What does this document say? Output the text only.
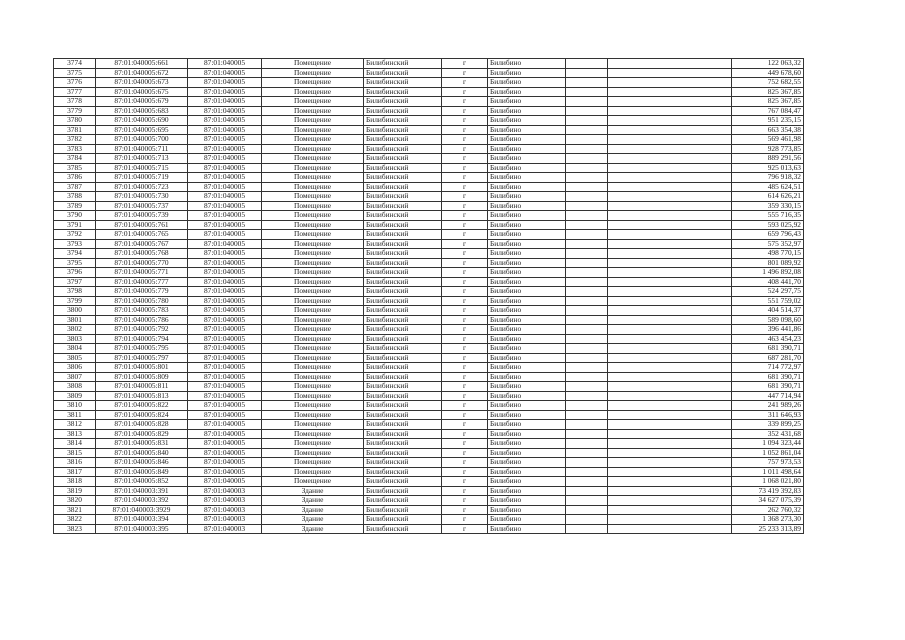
3774	87:01:040005:661	87:01:040005	Помещение	Билибинский	г	Билибино			122 063,32
3775	87:01:040005:672	87:01:040005	Помещение	Билибинский	г	Билибино			449 678,60
3776	87:01:040005:673	87:01:040005	Помещение	Билибинский	г	Билибино			752 682,55
3777	87:01:040005:675	87:01:040005	Помещение	Билибинский	г	Билибино			825 367,85
3778	87:01:040005:679	87:01:040005	Помещение	Билибинский	г	Билибино			825 367,85
3779	87:01:040005:683	87:01:040005	Помещение	Билибинский	г	Билибино			767 084,47
3780	87:01:040005:690	87:01:040005	Помещение	Билибинский	г	Билибино			951 235,15
3781	87:01:040005:695	87:01:040005	Помещение	Билибинский	г	Билибино			663 354,38
3782	87:01:040005:700	87:01:040005	Помещение	Билибинский	г	Билибино			569 461,98
3783	87:01:040005:711	87:01:040005	Помещение	Билибинский	г	Билибино			928 773,85
3784	87:01:040005:713	87:01:040005	Помещение	Билибинский	г	Билибино			889 291,56
3785	87:01:040005:715	87:01:040005	Помещение	Билибинский	г	Билибино			925 013,63
3786	87:01:040005:719	87:01:040005	Помещение	Билибинский	г	Билибино			796 918,32
3787	87:01:040005:723	87:01:040005	Помещение	Билибинский	г	Билибино			485 624,51
3788	87:01:040005:730	87:01:040005	Помещение	Билибинский	г	Билибино			614 626,21
3789	87:01:040005:737	87:01:040005	Помещение	Билибинский	г	Билибино			359 330,15
3790	87:01:040005:739	87:01:040005	Помещение	Билибинский	г	Билибино			555 716,35
3791	87:01:040005:761	87:01:040005	Помещение	Билибинский	г	Билибино			593 025,92
3792	87:01:040005:765	87:01:040005	Помещение	Билибинский	г	Билибино			659 796,43
3793	87:01:040005:767	87:01:040005	Помещение	Билибинский	г	Билибино			575 352,97
3794	87:01:040005:768	87:01:040005	Помещение	Билибинский	г	Билибино			498 770,15
3795	87:01:040005:770	87:01:040005	Помещение	Билибинский	г	Билибино			801 089,92
3796	87:01:040005:771	87:01:040005	Помещение	Билибинский	г	Билибино			1 496 892,08
3797	87:01:040005:777	87:01:040005	Помещение	Билибинский	г	Билибино			408 441,70
3798	87:01:040005:779	87:01:040005	Помещение	Билибинский	г	Билибино			524 297,75
3799	87:01:040005:780	87:01:040005	Помещение	Билибинский	г	Билибино			551 759,02
3800	87:01:040005:783	87:01:040005	Помещение	Билибинский	г	Билибино			404 514,37
3801	87:01:040005:786	87:01:040005	Помещение	Билибинский	г	Билибино			589 098,60
3802	87:01:040005:792	87:01:040005	Помещение	Билибинский	г	Билибино			396 441,86
3803	87:01:040005:794	87:01:040005	Помещение	Билибинский	г	Билибино			463 454,23
3804	87:01:040005:795	87:01:040005	Помещение	Билибинский	г	Билибино			681 390,71
3805	87:01:040005:797	87:01:040005	Помещение	Билибинский	г	Билибино			687 281,70
3806	87:01:040005:801	87:01:040005	Помещение	Билибинский	г	Билибино			714 772,97
3807	87:01:040005:809	87:01:040005	Помещение	Билибинский	г	Билибино			681 390,71
3808	87:01:040005:811	87:01:040005	Помещение	Билибинский	г	Билибино			681 390,71
3809	87:01:040005:813	87:01:040005	Помещение	Билибинский	г	Билибино			447 714,94
3810	87:01:040005:822	87:01:040005	Помещение	Билибинский	г	Билибино			241 989,26
3811	87:01:040005:824	87:01:040005	Помещение	Билибинский	г	Билибино			311 646,93
3812	87:01:040005:828	87:01:040005	Помещение	Билибинский	г	Билибино			339 899,25
3813	87:01:040005:829	87:01:040005	Помещение	Билибинский	г	Билибино			352 431,68
3814	87:01:040005:831	87:01:040005	Помещение	Билибинский	г	Билибино			1 094 323,44
3815	87:01:040005:840	87:01:040005	Помещение	Билибинский	г	Билибино			1 052 861,04
3816	87:01:040005:846	87:01:040005	Помещение	Билибинский	г	Билибино			757 973,53
3817	87:01:040005:849	87:01:040005	Помещение	Билибинский	г	Билибино			1 011 498,64
3818	87:01:040005:852	87:01:040005	Помещение	Билибинский	г	Билибино			1 068 021,80
3819	87:01:040003:391	87:01:040003	Здание	Билибинский	г	Билибино			73 419 392,83
3820	87:01:040003:392	87:01:040003	Здание	Билибинский	г	Билибино			34 627 075,39
3821	87:01:040003:3929	87:01:040003	Здание	Билибинский	г	Билибино			262 760,32
3822	87:01:040003:394	87:01:040003	Здание	Билибинский	г	Билибино			1 368 273,30
3823	87:01:040003:395	87:01:040003	Здание	Билибинский	г	Билибино			25 233 313,89
